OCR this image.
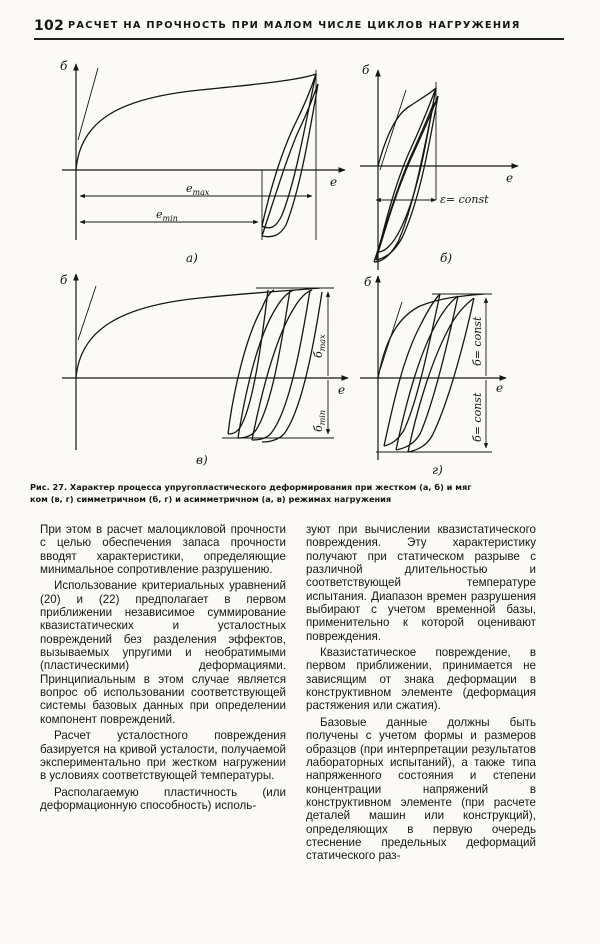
102 РАСЧЕТ НА ПРОЧНОСТЬ ПРИ МАЛОМ ЧИСЛЕ ЦИКЛОВ НАГРУЖЕНИЯ
б
e
$e_{max}$
$e_{min}$
а)
б
e
ε= const
б)
б
e
$б_{max}$
$б_{min}$
в)
б
e
б= const
б= const
г)

Рис. 27. Характер процесса упругопластического деформирования при жестком (а, б) и мяг

ком (в, г) симметричном (б, г) и асимметричном (а, в) режимах нагружения

При этом в расчет малоцикловой прочности с целью обеспечения запаса прочности вводят характеристики, определяющие минимальное сопротивление разрушению.

Использование критериальных уравнений (20) и (22) предполагает в первом приближении независимое суммирование квазистатических и усталостных повреждений без разделения эффектов, вызываемых упругими и необратимыми (пластическими) деформациями. Принципиальным в этом случае является вопрос об использовании соответствующей системы базовых данных при определении компонент повреждений.

Расчет усталостного повреждения базируется на кривой усталости, получаемой экспериментально при жестком нагружении в условиях соответствующей температуры.

Располагаемую пластичность (или деформационную способность) исполь-

зуют при вычислении квазистатического повреждения. Эту характеристику получают при статическом разрыве с различной длительностью и соответствующей температуре испытания. Диапазон времен разрушения выбирают с учетом временной базы, применительно к которой оценивают повреждения.

Квазистатическое повреждение, в первом приближении, принимается не зависящим от знака деформации в конструктивном элементе (деформация растяжения или сжатия).

Базовые данные должны быть получены с учетом формы и размеров образцов (при интерпретации результатов лабораторных испытаний), а также типа напряженного состояния и степени концентрации напряжений в конструктивном элементе (при расчете деталей машин или конструкций), определяющих в первую очередь стеснение предельных деформаций статического раз-
